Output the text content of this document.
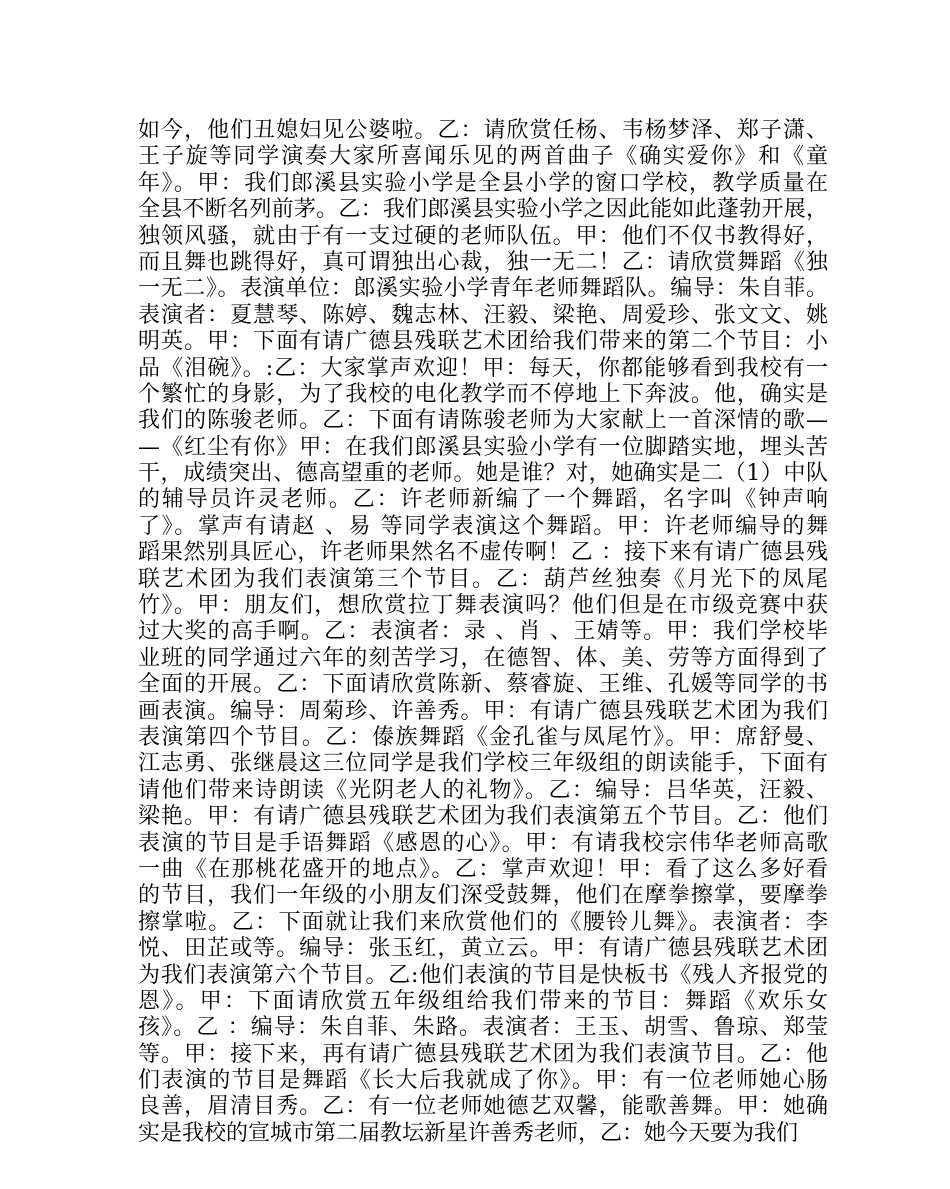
如今，他们丑媳妇见公婆啦。乙：请欣赏任杨、韦杨梦泽、郑子潇、
王子旋等同学演奏大家所喜闻乐见的两首曲子《确实爱你》和《童
年》。甲：我们郎溪县实验小学是全县小学的窗口学校，教学质量在
全县不断名列前茅。乙：我们郎溪县实验小学之因此能如此蓬勃开展，
独领风骚，就由于有一支过硬的老师队伍。甲：他们不仅书教得好，
而且舞也跳得好，真可谓独出心裁，独一无二！乙：请欣赏舞蹈《独
一无二》。表演单位：郎溪实验小学青年老师舞蹈队。编导：朱自菲。
表演者：夏慧琴、陈婷、魏志林、汪毅、梁艳、周爱珍、张文文、姚
明英。甲：下面有请广德县残联艺术团给我们带来的第二个节目：小
品《泪碗》。:乙：大家掌声欢迎！甲：每天，你都能够看到我校有一
个繁忙的身影，为了我校的电化教学而不停地上下奔波。他，确实是
我们的陈骏老师。乙：下面有请陈骏老师为大家献上一首深情的歌—
—《红尘有你》甲：在我们郎溪县实验小学有一位脚踏实地，埋头苦
干，成绩突出、德高望重的老师。她是谁？对，她确实是二（1）中队
的辅导员许灵老师。乙：许老师新编了一个舞蹈，名字叫《钟声响
了》。掌声有请赵 、易 等同学表演这个舞蹈。甲：许老师编导的舞
蹈果然别具匠心，许老师果然名不虚传啊！乙 ：接下来有请广德县残
联艺术团为我们表演第三个节目。乙：葫芦丝独奏《月光下的凤尾
竹》。甲：朋友们，想欣赏拉丁舞表演吗？他们但是在市级竞赛中获
过大奖的高手啊。乙：表演者：录 、肖 、王婧等。甲：我们学校毕
业班的同学通过六年的刻苦学习，在德智、体、美、劳等方面得到了
全面的开展。乙：下面请欣赏陈新、蔡睿旋、王维、孔媛等同学的书
画表演。编导：周菊珍、许善秀。甲：有请广德县残联艺术团为我们
表演第四个节目。乙：傣族舞蹈《金孔雀与凤尾竹》。甲：席舒曼、
江志勇、张继晨这三位同学是我们学校三年级组的朗读能手，下面有
请他们带来诗朗读《光阴老人的礼物》。乙：编导：吕华英，汪毅、
梁艳。甲：有请广德县残联艺术团为我们表演第五个节目。乙：他们
表演的节目是手语舞蹈《感恩的心》。甲：有请我校宗伟华老师高歌
一曲《在那桃花盛开的地点》。乙：掌声欢迎！甲：看了这么多好看
的节目，我们一年级的小朋友们深受鼓舞，他们在摩拳擦掌，要摩拳
擦掌啦。乙：下面就让我们来欣赏他们的《腰铃儿舞》。表演者：李
悦、田芷或等。编导：张玉红，黄立云。甲：有请广德县残联艺术团
为我们表演第六个节目。乙:他们表演的节目是快板书《残人齐报党的
恩》。甲：下面请欣赏五年级组给我们带来的节目：舞蹈《欢乐女
孩》。乙 ：编导：朱自菲、朱路。表演者：王玉、胡雪、鲁琼、郑莹
等。甲：接下来，再有请广德县残联艺术团为我们表演节目。乙：他
们表演的节目是舞蹈《长大后我就成了你》。甲：有一位老师她心肠
良善，眉清目秀。乙：有一位老师她德艺双馨，能歌善舞。甲：她确
实是我校的宣城市第二届教坛新星许善秀老师，乙：她今天要为我们
